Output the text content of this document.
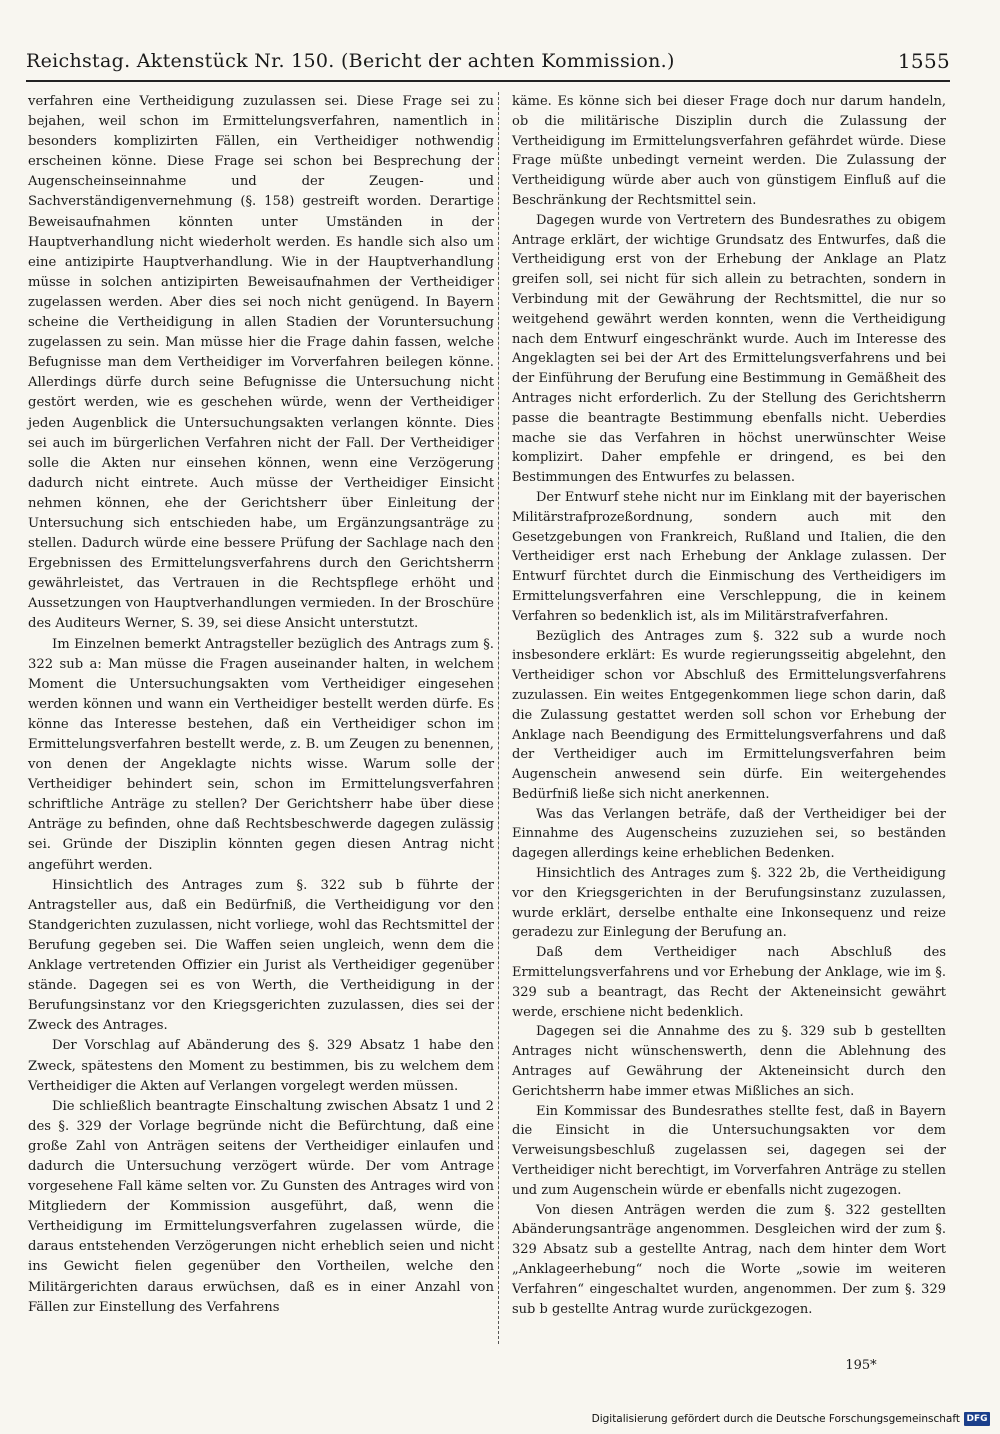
Reichstag. Aktenstück Nr. 150. (Bericht der achten Kommission.)	1555

verfahren eine Vertheidigung zuzulassen sei. Diese Frage sei zu bejahen, weil schon im Ermittelungsverfahren, namentlich in besonders komplizirten Fällen, ein Vertheidiger nothwendig erscheinen könne. Diese Frage sei schon bei Besprechung der Augenscheinseinnahme und der Zeugen- und Sachverständigenvernehmung (§. 158) gestreift worden. Derartige Beweisaufnahmen könnten unter Umständen in der Hauptverhandlung nicht wiederholt werden. Es handle sich also um eine antizipirte Hauptverhandlung. Wie in der Hauptverhandlung müsse in solchen antizipirten Beweisaufnahmen der Vertheidiger zugelassen werden. Aber dies sei noch nicht genügend. In Bayern scheine die Vertheidigung in allen Stadien der Voruntersuchung zugelassen zu sein. Man müsse hier die Frage dahin fassen, welche Befugnisse man dem Vertheidiger im Vorverfahren beilegen könne. Allerdings dürfe durch seine Befugnisse die Untersuchung nicht gestört werden, wie es geschehen würde, wenn der Vertheidiger jeden Augenblick die Untersuchungsakten verlangen könnte. Dies sei auch im bürgerlichen Verfahren nicht der Fall. Der Vertheidiger solle die Akten nur einsehen können, wenn eine Verzögerung dadurch nicht eintrete. Auch müsse der Vertheidiger Einsicht nehmen können, ehe der Gerichtsherr über Einleitung der Untersuchung sich entschieden habe, um Ergänzungsanträge zu stellen. Dadurch würde eine bessere Prüfung der Sachlage nach den Ergebnissen des Ermittelungsverfahrens durch den Gerichtsherrn gewährleistet, das Vertrauen in die Rechtspflege erhöht und Aussetzungen von Hauptverhandlungen vermieden. In der Broschüre des Auditeurs Werner, S. 39, sei diese Ansicht unterstutzt.

Im Einzelnen bemerkt Antragsteller bezüglich des Antrags zum §. 322 sub a: Man müsse die Fragen auseinander halten, in welchem Moment die Untersuchungsakten vom Vertheidiger eingesehen werden können und wann ein Vertheidiger bestellt werden dürfe. Es könne das Interesse bestehen, daß ein Vertheidiger schon im Ermittelungsverfahren bestellt werde, z. B. um Zeugen zu benennen, von denen der Angeklagte nichts wisse. Warum solle der Vertheidiger behindert sein, schon im Ermittelungsverfahren schriftliche Anträge zu stellen? Der Gerichtsherr habe über diese Anträge zu befinden, ohne daß Rechtsbeschwerde dagegen zulässig sei. Gründe der Disziplin könnten gegen diesen Antrag nicht angeführt werden.

Hinsichtlich des Antrages zum §. 322 sub b führte der Antragsteller aus, daß ein Bedürfniß, die Vertheidigung vor den Standgerichten zuzulassen, nicht vorliege, wohl das Rechtsmittel der Berufung gegeben sei. Die Waffen seien ungleich, wenn dem die Anklage vertretenden Offizier ein Jurist als Vertheidiger gegenüber stände. Dagegen sei es von Werth, die Vertheidigung in der Berufungsinstanz vor den Kriegsgerichten zuzulassen, dies sei der Zweck des Antrages.

Der Vorschlag auf Abänderung des §. 329 Absatz 1 habe den Zweck, spätestens den Moment zu bestimmen, bis zu welchem dem Vertheidiger die Akten auf Verlangen vorgelegt werden müssen.

Die schließlich beantragte Einschaltung zwischen Absatz 1 und 2 des §. 329 der Vorlage begründe nicht die Befürchtung, daß eine große Zahl von Anträgen seitens der Vertheidiger einlaufen und dadurch die Untersuchung verzögert würde. Der vom Antrage vorgesehene Fall käme selten vor. Zu Gunsten des Antrages wird von Mitgliedern der Kommission ausgeführt, daß, wenn die Vertheidigung im Ermittelungsverfahren zugelassen würde, die daraus entstehenden Verzögerungen nicht erheblich seien und nicht ins Gewicht fielen gegenüber den Vortheilen, welche den Militärgerichten daraus erwüchsen, daß es in einer Anzahl von Fällen zur Einstellung des Verfahrens

käme. Es könne sich bei dieser Frage doch nur darum handeln, ob die militärische Disziplin durch die Zulassung der Vertheidigung im Ermittelungsverfahren gefährdet würde. Diese Frage müßte unbedingt verneint werden. Die Zulassung der Vertheidigung würde aber auch von günstigem Einfluß auf die Beschränkung der Rechtsmittel sein.

Dagegen wurde von Vertretern des Bundesrathes zu obigem Antrage erklärt, der wichtige Grundsatz des Entwurfes, daß die Vertheidigung erst von der Erhebung der Anklage an Platz greifen soll, sei nicht für sich allein zu betrachten, sondern in Verbindung mit der Gewährung der Rechtsmittel, die nur so weitgehend gewährt werden konnten, wenn die Vertheidigung nach dem Entwurf eingeschränkt wurde. Auch im Interesse des Angeklagten sei bei der Art des Ermittelungsverfahrens und bei der Einführung der Berufung eine Bestimmung in Gemäßheit des Antrages nicht erforderlich. Zu der Stellung des Gerichtsherrn passe die beantragte Bestimmung ebenfalls nicht. Ueberdies mache sie das Verfahren in höchst unerwünschter Weise komplizirt. Daher empfehle er dringend, es bei den Bestimmungen des Entwurfes zu belassen.

Der Entwurf stehe nicht nur im Einklang mit der bayerischen Militärstrafprozeßordnung, sondern auch mit den Gesetzgebungen von Frankreich, Rußland und Italien, die den Vertheidiger erst nach Erhebung der Anklage zulassen. Der Entwurf fürchtet durch die Einmischung des Vertheidigers im Ermittelungsverfahren eine Verschleppung, die in keinem Verfahren so bedenklich ist, als im Militärstrafverfahren.

Bezüglich des Antrages zum §. 322 sub a wurde noch insbesondere erklärt: Es wurde regierungsseitig abgelehnt, den Vertheidiger schon vor Abschluß des Ermittelungsverfahrens zuzulassen. Ein weites Entgegenkommen liege schon darin, daß die Zulassung gestattet werden soll schon vor Erhebung der Anklage nach Beendigung des Ermittelungsverfahrens und daß der Vertheidiger auch im Ermittelungsverfahren beim Augenschein anwesend sein dürfe. Ein weitergehendes Bedürfniß ließe sich nicht anerkennen.

Was das Verlangen beträfe, daß der Vertheidiger bei der Einnahme des Augenscheins zuzuziehen sei, so beständen dagegen allerdings keine erheblichen Bedenken.

Hinsichtlich des Antrages zum §. 322 2b, die Vertheidigung vor den Kriegsgerichten in der Berufungsinstanz zuzulassen, wurde erklärt, derselbe enthalte eine Inkonsequenz und reize geradezu zur Einlegung der Berufung an.

Daß dem Vertheidiger nach Abschluß des Ermittelungsverfahrens und vor Erhebung der Anklage, wie im §. 329 sub a beantragt, das Recht der Akteneinsicht gewährt werde, erschiene nicht bedenklich.

Dagegen sei die Annahme des zu §. 329 sub b gestellten Antrages nicht wünschenswerth, denn die Ablehnung des Antrages auf Gewährung der Akteneinsicht durch den Gerichtsherrn habe immer etwas Mißliches an sich.

Ein Kommissar des Bundesrathes stellte fest, daß in Bayern die Einsicht in die Untersuchungsakten vor dem Verweisungsbeschluß zugelassen sei, dagegen sei der Vertheidiger nicht berechtigt, im Vorverfahren Anträge zu stellen und zum Augenschein würde er ebenfalls nicht zugezogen.

Von diesen Anträgen werden die zum §. 322 gestellten Abänderungsanträge angenommen. Desgleichen wird der zum §. 329 Absatz sub a gestellte Antrag, nach dem hinter dem Wort „Anklageerhebung“ noch die Worte „sowie im weiteren Verfahren“ eingeschaltet wurden, angenommen. Der zum §. 329 sub b gestellte Antrag wurde zurückgezogen.

195*
Digitalisierung gefördert durch die Deutsche Forschungsgemeinschaft DFG
